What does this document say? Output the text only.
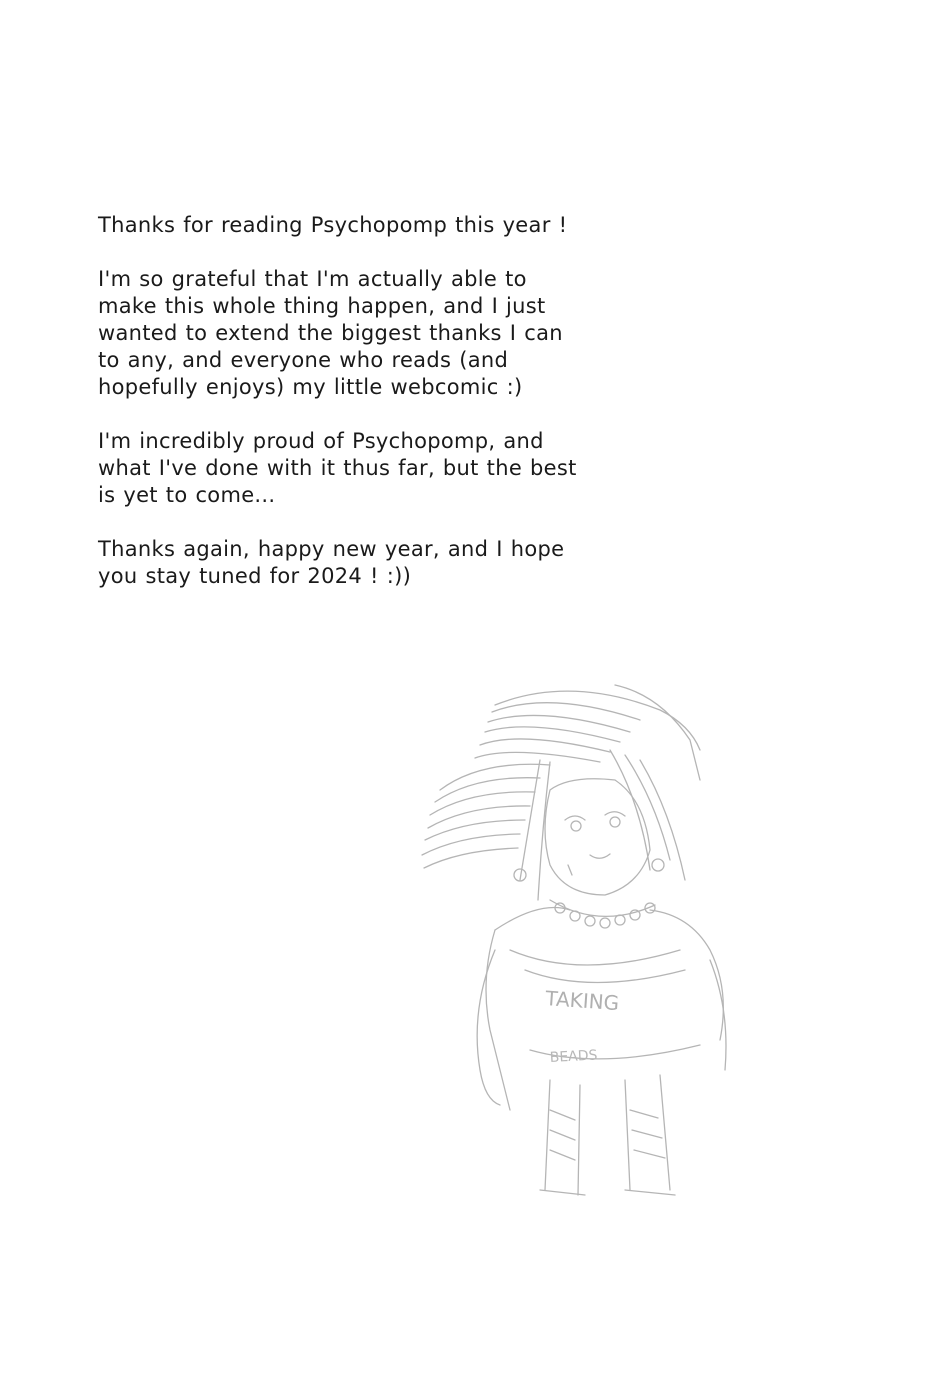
Thanks for reading Psychopomp this year !

I'm so grateful that I'm actually able to
make this whole thing happen, and I just
wanted to extend the biggest thanks I can
to any, and everyone who reads (and
hopefully enjoys) my little webcomic :)

I'm incredibly proud of Psychopomp, and
what I've done with it thus far, but the best
is yet to come...

Thanks again, happy new year, and I hope
you stay tuned for 2024 ! :))

TAKING
BEADS
